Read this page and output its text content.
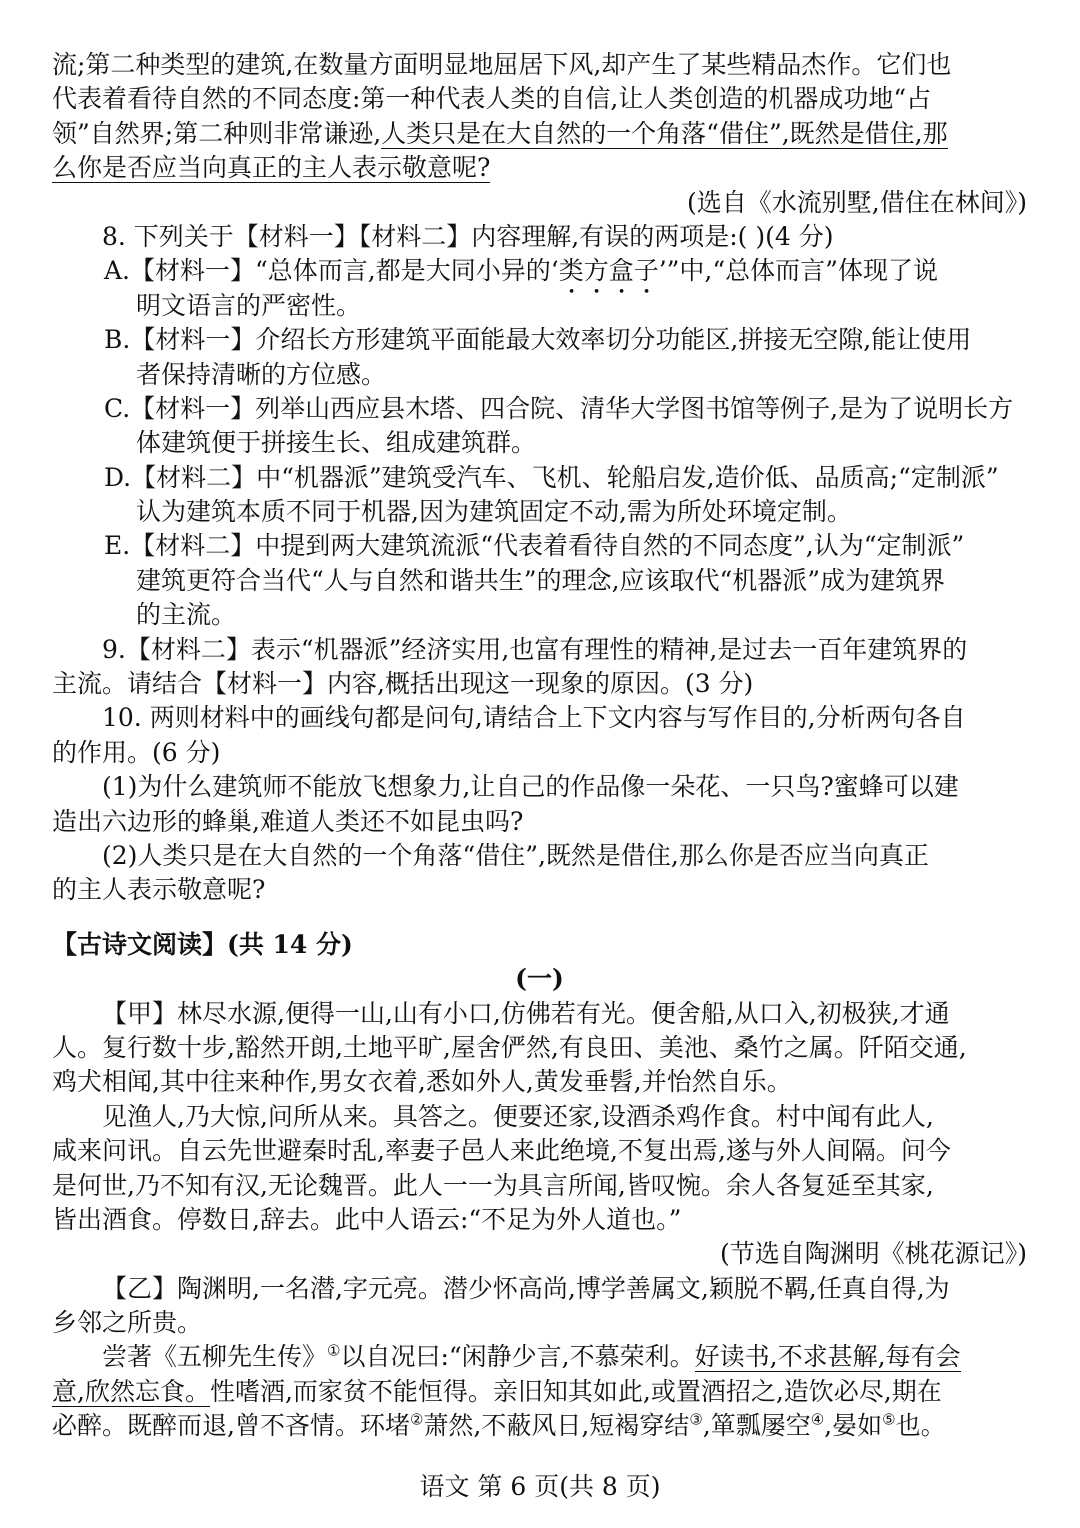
流;第二种类型的建筑,在数量方面明显地屈居下风,却产生了某些精品杰作。它们也
代表着看待自然的不同态度:第一种代表人类的自信,让人类创造的机器成功地“占
领”自然界;第二种则非常谦逊,人类只是在大自然的一个角落“借住”,既然是借住,那
么你是否应当向真正的主人表示敬意呢?
(选自《水流别墅,借住在林间》)
8. 下列关于【材料一】【材料二】内容理解,有误的两项是:( )(4 分)
A.【材料一】“总体而言,都是大同小异的‘类方盒子’”中,“总体而言”体现了说
明文语言的严密性。
B.【材料一】介绍长方形建筑平面能最大效率切分功能区,拼接无空隙,能让使用
者保持清晰的方位感。
C.【材料一】列举山西应县木塔、四合院、清华大学图书馆等例子,是为了说明长方
体建筑便于拼接生长、组成建筑群。
D.【材料二】中“机器派”建筑受汽车、飞机、轮船启发,造价低、品质高;“定制派”
认为建筑本质不同于机器,因为建筑固定不动,需为所处环境定制。
E.【材料二】中提到两大建筑流派“代表着看待自然的不同态度”,认为“定制派”
建筑更符合当代“人与自然和谐共生”的理念,应该取代“机器派”成为建筑界
的主流。
9.【材料二】表示“机器派”经济实用,也富有理性的精神,是过去一百年建筑界的
主流。请结合【材料一】内容,概括出现这一现象的原因。(3 分)
10. 两则材料中的画线句都是问句,请结合上下文内容与写作目的,分析两句各自
的作用。(6 分)
(1)为什么建筑师不能放飞想象力,让自己的作品像一朵花、一只鸟?蜜蜂可以建
造出六边形的蜂巢,难道人类还不如昆虫吗?
(2)人类只是在大自然的一个角落“借住”,既然是借住,那么你是否应当向真正
的主人表示敬意呢?
【古诗文阅读】(共 14 分)
(一)
【甲】林尽水源,便得一山,山有小口,仿佛若有光。便舍船,从口入,初极狭,才通
人。复行数十步,豁然开朗,土地平旷,屋舍俨然,有良田、美池、桑竹之属。阡陌交通,
鸡犬相闻,其中往来种作,男女衣着,悉如外人,黄发垂髫,并怡然自乐。
见渔人,乃大惊,问所从来。具答之。便要还家,设酒杀鸡作食。村中闻有此人,
咸来问讯。自云先世避秦时乱,率妻子邑人来此绝境,不复出焉,遂与外人间隔。问今
是何世,乃不知有汉,无论魏晋。此人一一为具言所闻,皆叹惋。余人各复延至其家,
皆出酒食。停数日,辞去。此中人语云:“不足为外人道也。”
(节选自陶渊明《桃花源记》)
【乙】陶渊明,一名潜,字元亮。潜少怀高尚,博学善属文,颖脱不羁,任真自得,为
乡邻之所贵。
尝著《五柳先生传》①以自况曰:“闲静少言,不慕荣利。好读书,不求甚解,每有会
意,欣然忘食。性嗜酒,而家贫不能恒得。亲旧知其如此,或置酒招之,造饮必尽,期在
必醉。既醉而退,曾不吝情。环堵②萧然,不蔽风日,短褐穿结③,箪瓢屡空④,晏如⑤也。
语文 第 6 页(共 8 页)
